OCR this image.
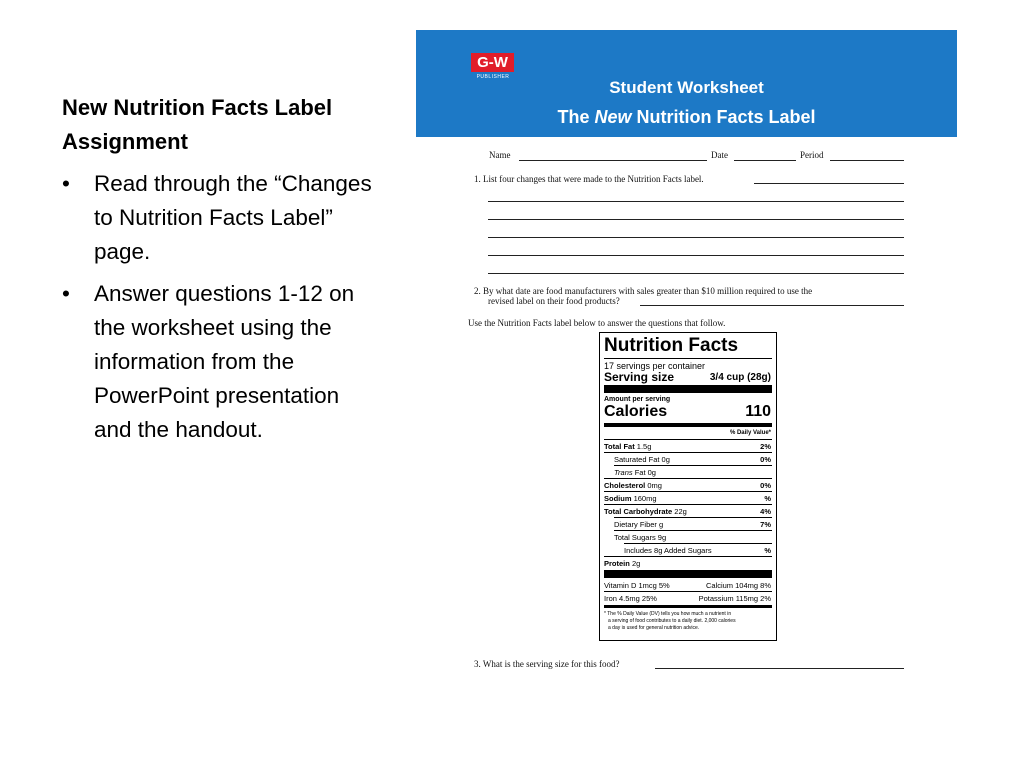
New Nutrition Facts Label Assignment
• Read through the “Changes to Nutrition Facts Label” page.
• Answer questions 1-12 on the worksheet using the information from the PowerPoint presentation and the handout.
G-W
PUBLISHER
Student Worksheet
The New Nutrition Facts Label
Name	Date	Period
1. List four changes that were made to the Nutrition Facts label.
2. By what date are food manufacturers with sales greater than $10 million required to use the
revised label on their food products?
Use the Nutrition Facts label below to answer the questions that follow.
Nutrition Facts
17 servings per container
Serving size	3/4 cup (28g)
Amount per serving
Calories	110
% Daily Value*
Total Fat 1.5g	2%
Saturated Fat 0g	0%
Trans Fat 0g
Cholesterol 0mg	0%
Sodium 160mg	%
Total Carbohydrate 22g	4%
Dietary Fiber g	7%
Total Sugars 9g
Includes 8g Added Sugars	%
Protein 2g
Vitamin D 1mcg 5%	Calcium 104mg 8%
Iron 4.5mg 25%	Potassium 115mg 2%
* The % Daily Value (DV) tells you how much a nutrient in
a serving of food contributes to a daily diet. 2,000 calories
a day is used for general nutrition advice.
3. What is the serving size for this food?
